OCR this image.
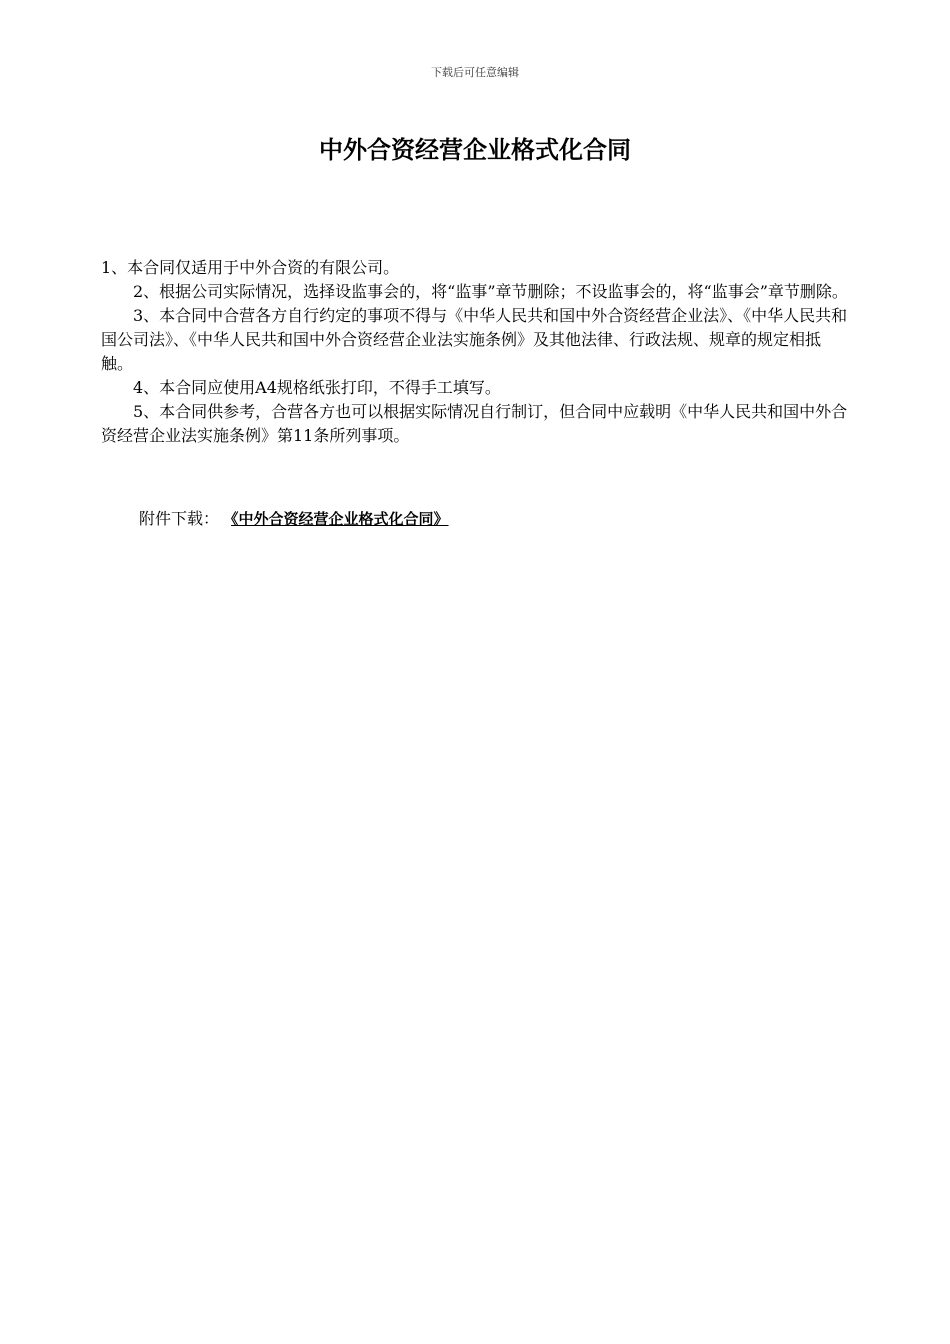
下载后可任意编辑
中外合资经营企业格式化合同

1、本合同仅适用于中外合资的有限公司。

2、根据公司实际情况，选择设监事会的，将“监事”章节删除；不设监事会的，将“监事会”章节删除。

3、本合同中合营各方自行约定的事项不得与《中华人民共和国中外合资经营企业法》、《中华人民共和国公司法》、《中华人民共和国中外合资经营企业法实施条例》及其他法律、行政法规、规章的规定相抵触。

4、本合同应使用A4规格纸张打印，不得手工填写。

5、本合同供参考，合营各方也可以根据实际情况自行制订，但合同中应载明《中华人民共和国中外合资经营企业法实施条例》第11条所列事项。

附件下载： 《中外合资经营企业格式化合同》
